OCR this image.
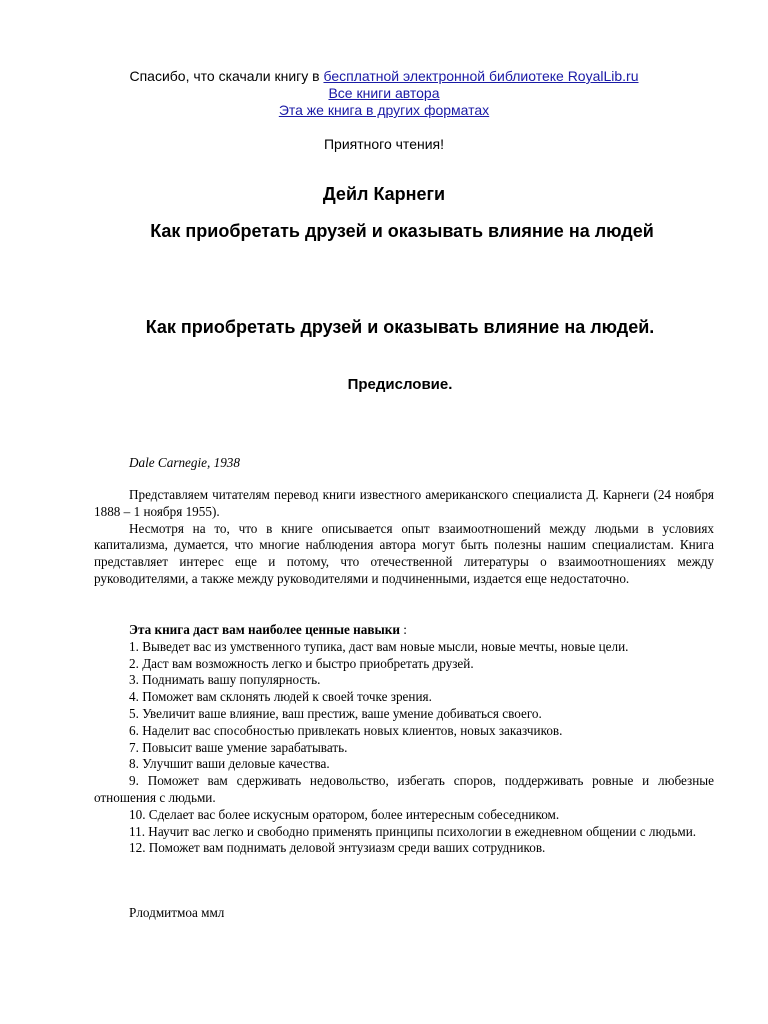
Спасибо, что скачали книгу в бесплатной электронной библиотеке RoyalLib.ru
Все книги автора
Эта же книга в других форматах
Приятного чтения!
Дейл Карнеги
Как приобретать друзей и оказывать влияние на людей
Как приобретать друзей и оказывать влияние на людей.
Предисловие.
Dale Carnegie, 1938

Представляем читателям перевод книги известного американского специалиста Д. Карнеги (24 ноября 1888 – 1 ноября 1955).

Несмотря на то, что в книге описывается опыт взаимоотношений между людьми в условиях капитализма, думается, что многие наблюдения автора могут быть полезны нашим специалистам. Книга представляет интерес еще и потому, что отечественной литературы о взаимоотношениях между руководителями, а также между руководителями и подчиненными, издается еще недостаточно.

Эта книга даст вам наиболее ценные навыки :

1. Выведет вас из умственного тупика, даст вам новые мысли, новые мечты, новые цели.
2. Даст вам возможность легко и быстро приобретать друзей.
3. Поднимать вашу популярность.
4. Поможет вам склонять людей к своей точке зрения.
5. Увеличит ваше влияние, ваш престиж, ваше умение добиваться своего.
6. Наделит вас способностью привлекать новых клиентов, новых заказчиков.
7. Повысит ваше умение зарабатывать.
8. Улучшит ваши деловые качества.
9. Поможет вам сдерживать недовольство, избегать споров, поддерживать ровные и любезные отношения с людьми.
10. Сделает вас более искусным оратором, более интересным собеседником.
11. Научит вас легко и свободно применять принципы психологии в ежедневном общении с людьми.
12. Поможет вам поднимать деловой энтузиазм среди ваших сотрудников.
Рлодмитмоа ммл
